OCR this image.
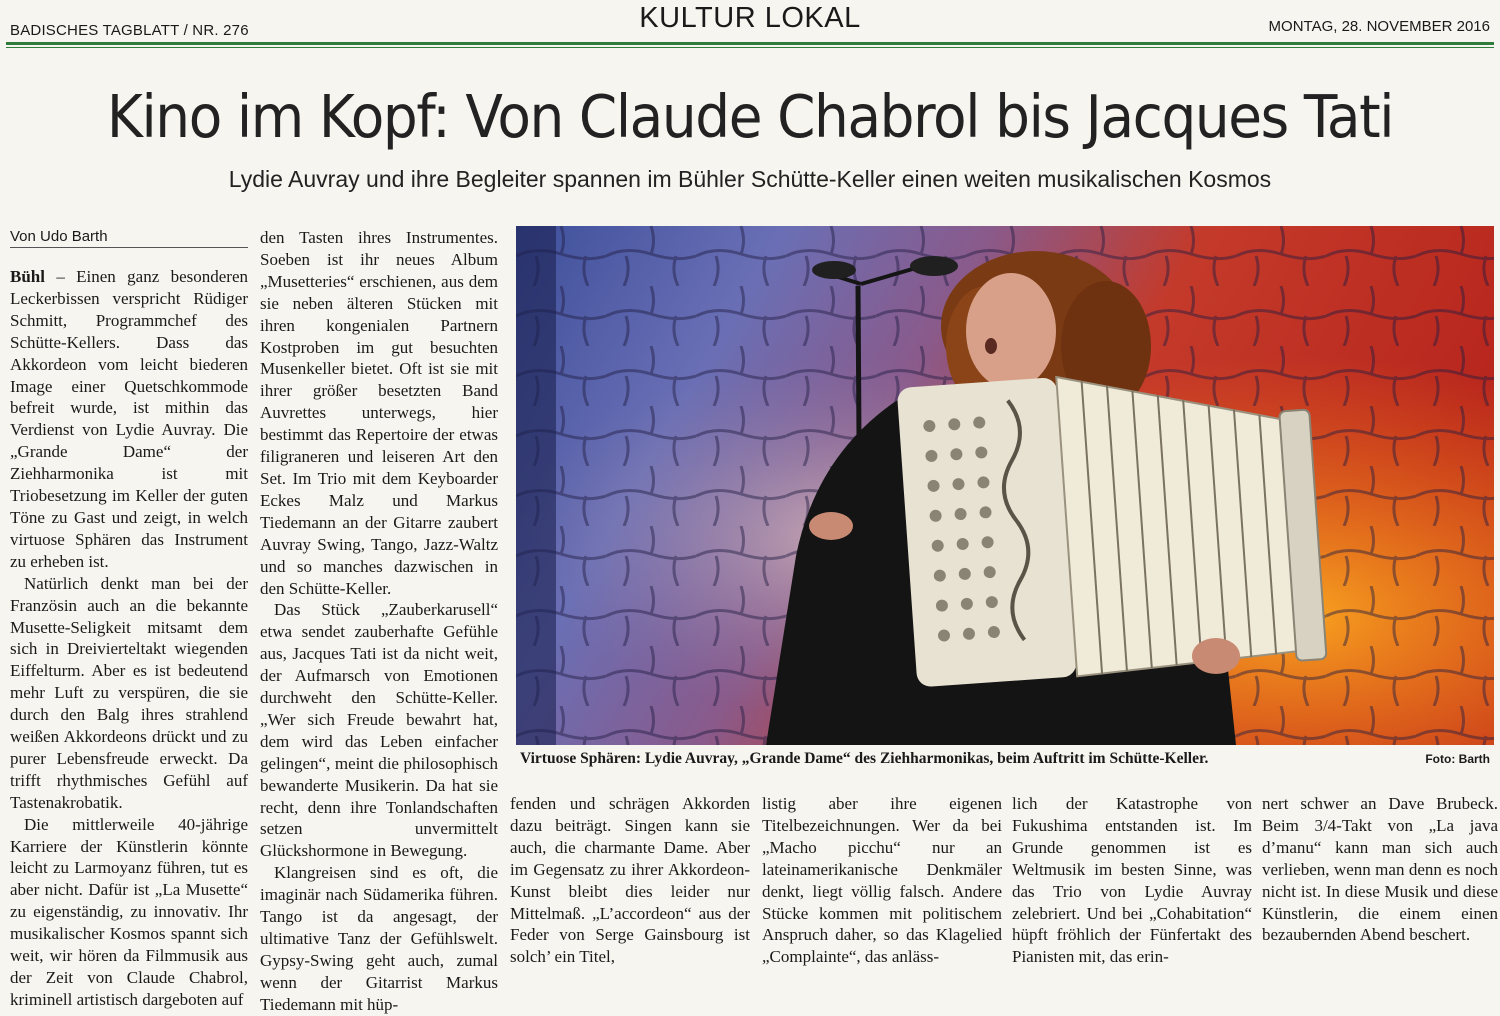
BADISCHES TAGBLATT / NR. 276	KULTUR LOKAL	MONTAG, 28. NOVEMBER 2016
Kino im Kopf: Von Claude Chabrol bis Jacques Tati
Lydie Auvray und ihre Begleiter spannen im Bühler Schütte-Keller einen weiten musikalischen Kosmos
Von Udo Barth

Bühl – Einen ganz besonderen Leckerbissen verspricht Rüdiger Schmitt, Programmchef des Schütte-Kellers. Dass das Akkordeon vom leicht biederen Image einer Quetschkommode befreit wurde, ist mithin das Verdienst von Lydie Auvray. Die „Grande Dame“ der Ziehharmonika ist mit Triobesetzung im Keller der guten Töne zu Gast und zeigt, in welch virtuose Sphären das Instrument zu erheben ist.

Natürlich denkt man bei der Französin auch an die bekannte Musette-Seligkeit mitsamt dem sich in Dreivierteltakt wiegenden Eiffelturm. Aber es ist bedeutend mehr Luft zu verspüren, die sie durch den Balg ihres strahlend weißen Akkordeons drückt und zu purer Lebensfreude erweckt. Da trifft rhythmisches Gefühl auf Tastenakrobatik.

Die mittlerweile 40-jährige Karriere der Künstlerin könnte leicht zu Larmoyanz führen, tut es aber nicht. Dafür ist „La Musette“ zu eigenständig, zu innovativ. Ihr musikalischer Kosmos spannt sich weit, wir hören da Filmmusik aus der Zeit von Claude Chabrol, kriminell artistisch dargeboten auf

den Tasten ihres Instrumentes. Soeben ist ihr neues Album „Musetteries“ erschienen, aus dem sie neben älteren Stücken mit ihren kongenialen Partnern Kostproben im gut besuchten Musenkeller bietet. Oft ist sie mit ihrer größer besetzten Band Auvrettes unterwegs, hier bestimmt das Repertoire der etwas filigraneren und leiseren Art den Set. Im Trio mit dem Keyboarder Eckes Malz und Markus Tiedemann an der Gitarre zaubert Auvray Swing, Tango, Jazz-Waltz und so manches dazwischen in den Schütte-Keller.

Das Stück „Zauberkarusell“ etwa sendet zauberhafte Gefühle aus, Jacques Tati ist da nicht weit, der Aufmarsch von Emotionen durchweht den Schütte-Keller. „Wer sich Freude bewahrt hat, dem wird das Leben einfacher gelingen“, meint die philosophisch bewanderte Musikerin. Da hat sie recht, denn ihre Tonlandschaften setzen unvermittelt Glückshormone in Bewegung.

Klangreisen sind es oft, die imaginär nach Südamerika führen. Tango ist da angesagt, der ultimative Tanz der Gefühlswelt. Gypsy-Swing geht auch, zumal wenn der Gitarrist Markus Tiedemann mit hüp-

Virtuose Sphären: Lydie Auvray, „Grande Dame“ des Ziehharmonikas, beim Auftritt im Schütte-Keller.	Foto: Barth

fenden und schrägen Akkorden dazu beiträgt. Singen kann sie auch, die charmante Dame. Aber im Gegensatz zu ihrer Akkordeon-Kunst bleibt dies leider nur Mittelmaß. „L’accordeon“ aus der Feder von Serge Gainsbourg ist solch’ ein Titel,

listig aber ihre eigenen Titelbezeichnungen. Wer da bei „Macho picchu“ nur an lateinamerikanische Denkmäler denkt, liegt völlig falsch. Andere Stücke kommen mit politischem Anspruch daher, so das Klagelied „Complainte“, das anläss-

lich der Katastrophe von Fukushima entstanden ist. Im Grunde genommen ist es Weltmusik im besten Sinne, was das Trio von Lydie Auvray zelebriert. Und bei „Cohabitation“ hüpft fröhlich der Fünfertakt des Pianisten mit, das erin-

nert schwer an Dave Brubeck. Beim 3/4-Takt von „La java d’manu“ kann man sich auch verlieben, wenn man denn es noch nicht ist. In diese Musik und diese Künstlerin, die einem einen bezaubernden Abend beschert.
